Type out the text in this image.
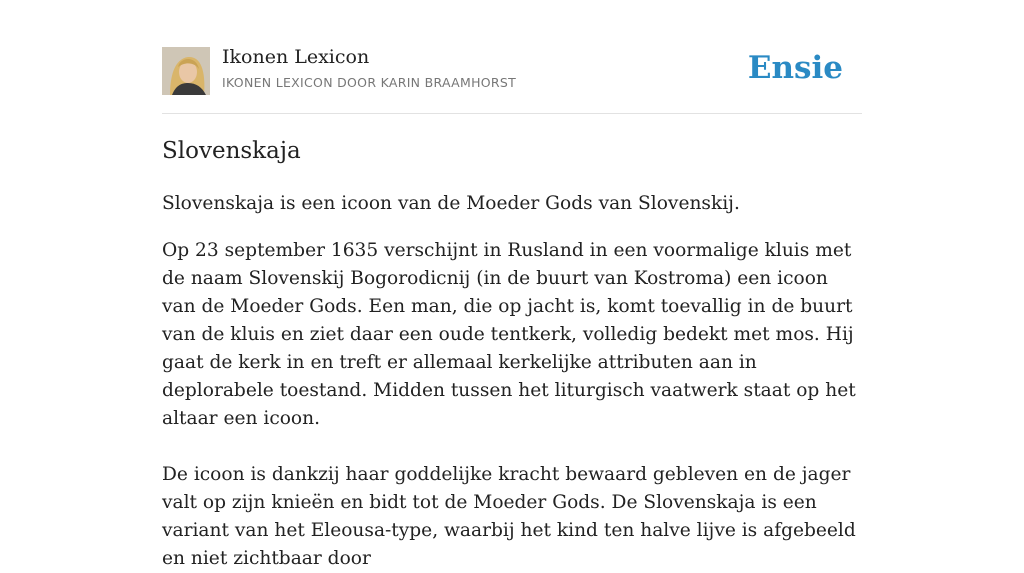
Ikonen Lexicon
IKONEN LEXICON DOOR KARIN BRAAMHORST	Ensie
Slovenskaja

Slovenskaja is een icoon van de Moeder Gods van Slovenskij.

Op 23 september 1635 verschijnt in Rusland in een voormalige kluis met de naam Slovenskij Bogorodicnij (in de buurt van Kostroma) een icoon van de Moeder Gods. Een man, die op jacht is, komt toevallig in de buurt van de kluis en ziet daar een oude tentkerk, volledig bedekt met mos. Hij gaat de kerk in en treft er allemaal kerkelijke attributen aan in deplorabele toestand. Midden tussen het liturgisch vaatwerk staat op het altaar een icoon.

De icoon is dankzij haar goddelijke kracht bewaard gebleven en de jager valt op zijn knieën en bidt tot de Moeder Gods. De Slovenskaja is een variant van het Eleousa-type, waarbij het kind ten halve lijve is afgebeeld en niet zichtbaar door
